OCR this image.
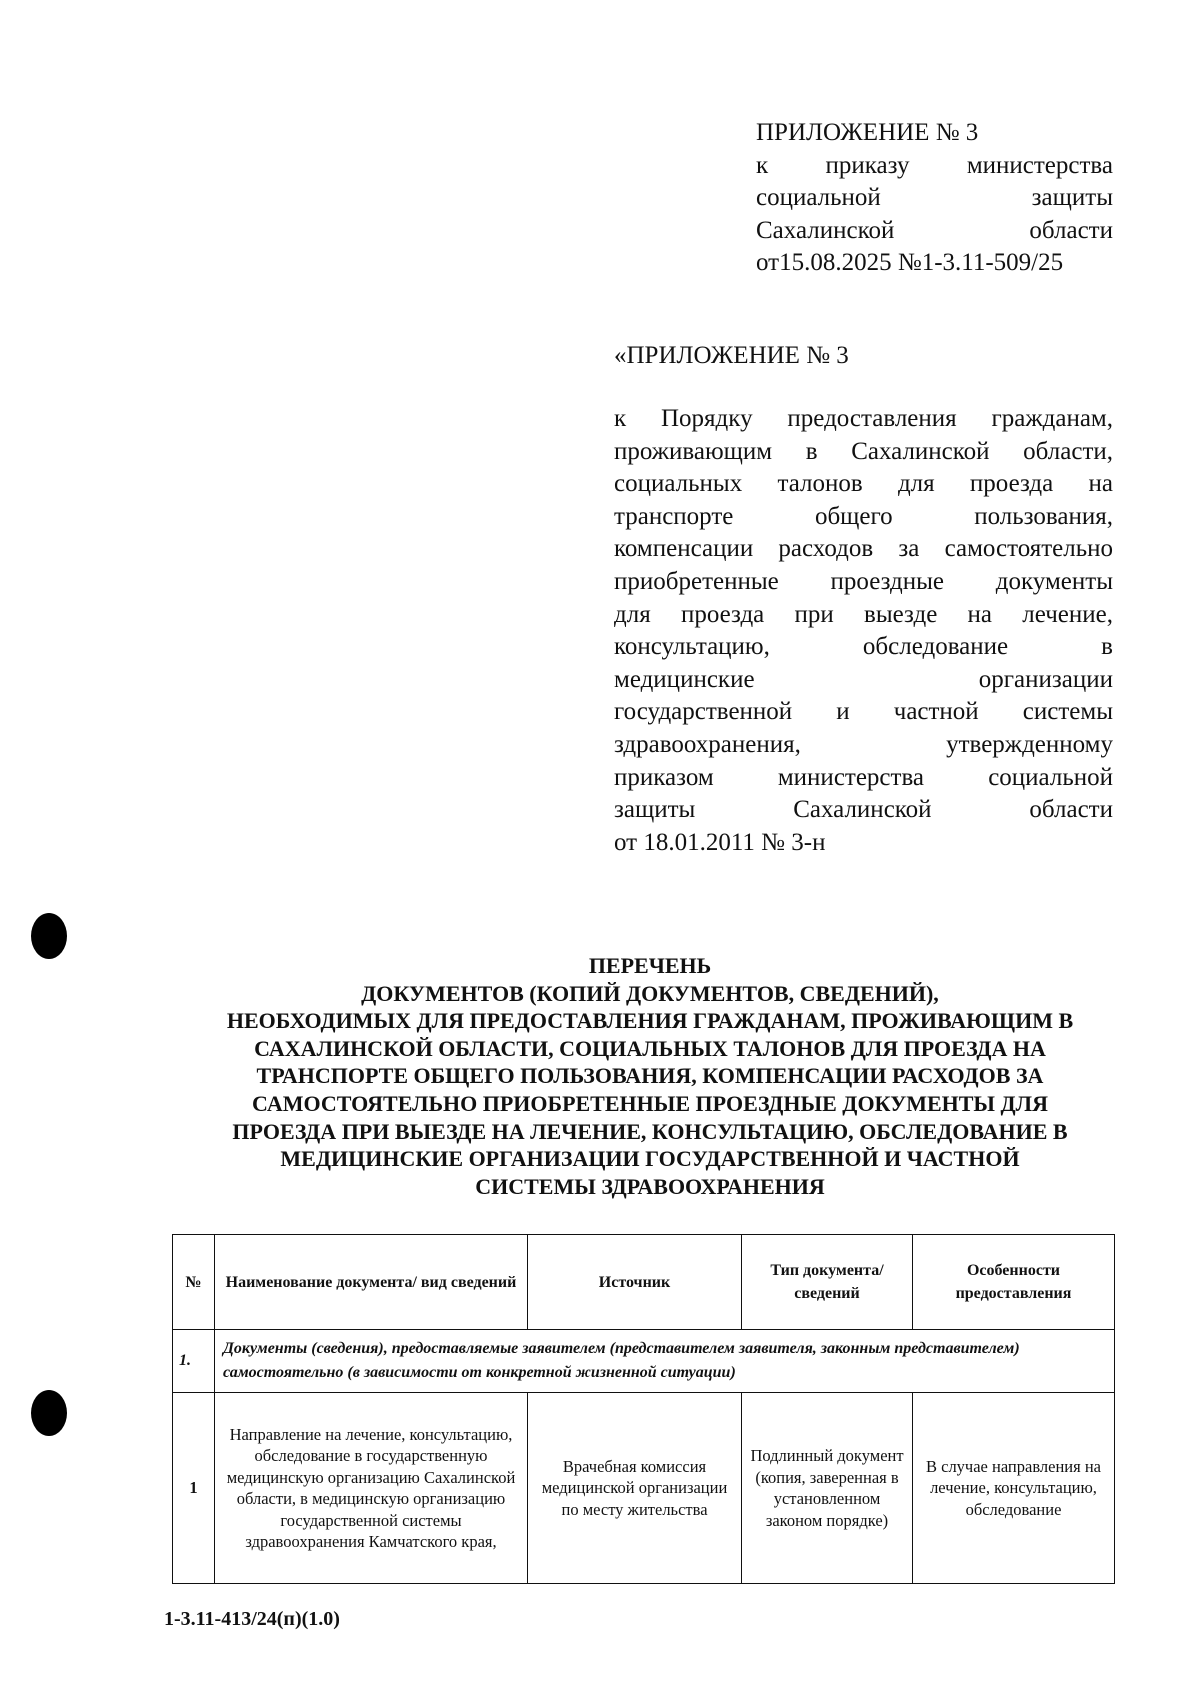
ПРИЛОЖЕНИЕ № 3

к приказу министерства
социальной защиты
Сахалинской области
от15.08.2025 №1-3.11-509/25

«ПРИЛОЖЕНИЕ № 3

к Порядку предоставления гражданам,

проживающим в Сахалинской области,

социальных талонов для проезда на

транспорте общего пользования,

компенсации расходов за самостоятельно

приобретенные проездные документы

для проезда при выезде на лечение,

консультацию, обследование в

медицинские организации

государственной и частной системы

здравоохранения, утвержденному

приказом министерства социальной

защиты Сахалинской области

от 18.01.2011 № 3-н

ПЕРЕЧЕНЬ
ДОКУМЕНТОВ (КОПИЙ ДОКУМЕНТОВ, СВЕДЕНИЙ),
НЕОБХОДИМЫХ ДЛЯ ПРЕДОСТАВЛЕНИЯ ГРАЖДАНАМ, ПРОЖИВАЮЩИМ В
САХАЛИНСКОЙ ОБЛАСТИ, СОЦИАЛЬНЫХ ТАЛОНОВ ДЛЯ ПРОЕЗДА НА
ТРАНСПОРТЕ ОБЩЕГО ПОЛЬЗОВАНИЯ, КОМПЕНСАЦИИ РАСХОДОВ ЗА
САМОСТОЯТЕЛЬНО ПРИОБРЕТЕННЫЕ ПРОЕЗДНЫЕ ДОКУМЕНТЫ ДЛЯ
ПРОЕЗДА ПРИ ВЫЕЗДЕ НА ЛЕЧЕНИЕ, КОНСУЛЬТАЦИЮ, ОБСЛЕДОВАНИЕ В
МЕДИЦИНСКИЕ ОРГАНИЗАЦИИ ГОСУДАРСТВЕННОЙ И ЧАСТНОЙ
СИСТЕМЫ ЗДРАВООХРАНЕНИЯ
№	Наименование документа/ вид сведений	Источник	Тип документа/ сведений	Особенности предоставления
1.	Документы (сведения), предоставляемые заявителем (представителем заявителя, законным представителем) самостоятельно (в зависимости от конкретной жизненной ситуации)			
1	Направление на лечение, консультацию, обследование в государственную медицинскую организацию Сахалинской области, в медицинскую организацию государственной системы здравоохранения Камчатского края,	Врачебная комиссия медицинской организации по месту жительства	Подлинный документ (копия, заверенная в установленном законом порядке)	В случае направления на лечение, консультацию, обследование
1-3.11-413/24(п)(1.0)
